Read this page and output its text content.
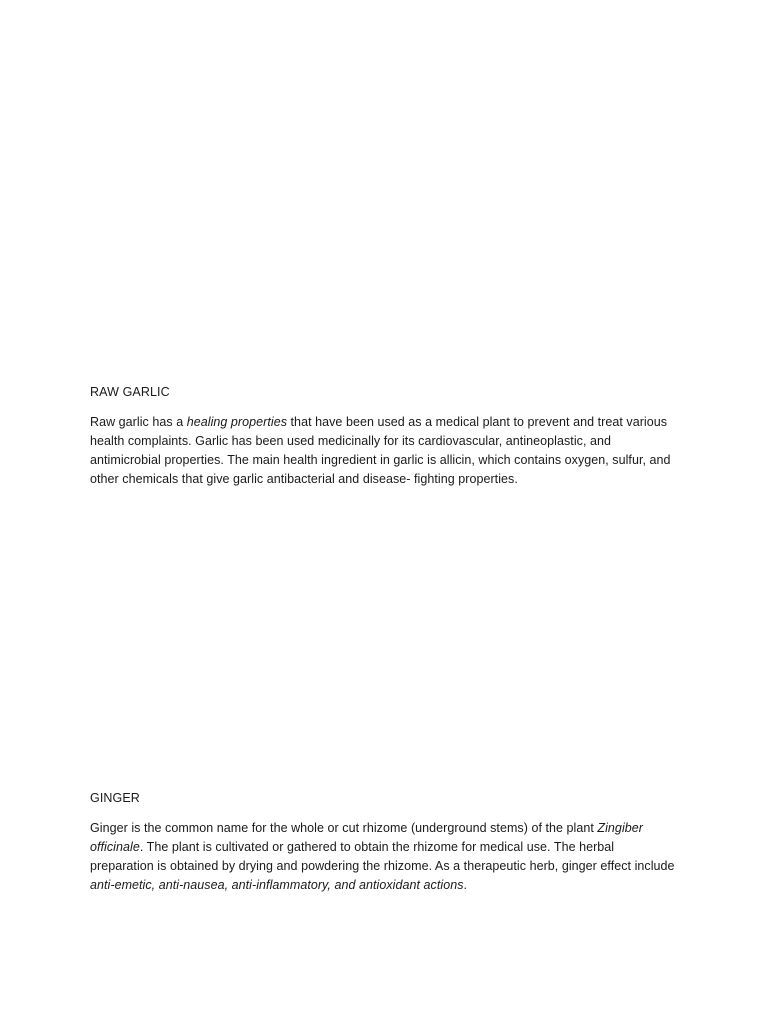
RAW GARLIC

Raw garlic has a healing properties that have been used as a medical plant to prevent and treat various health complaints. Garlic has been used medicinally for its cardiovascular, antineoplastic, and antimicrobial properties. The main health ingredient in garlic is allicin, which contains oxygen, sulfur, and other chemicals that give garlic antibacterial and disease- fighting properties.

GINGER

Ginger is the common name for the whole or cut rhizome (underground stems) of the plant Zingiber officinale. The plant is cultivated or gathered to obtain the rhizome for medical use. The herbal preparation is obtained by drying and powdering the rhizome. As a therapeutic herb, ginger effect include anti-emetic, anti-nausea, anti-inflammatory, and antioxidant actions.
